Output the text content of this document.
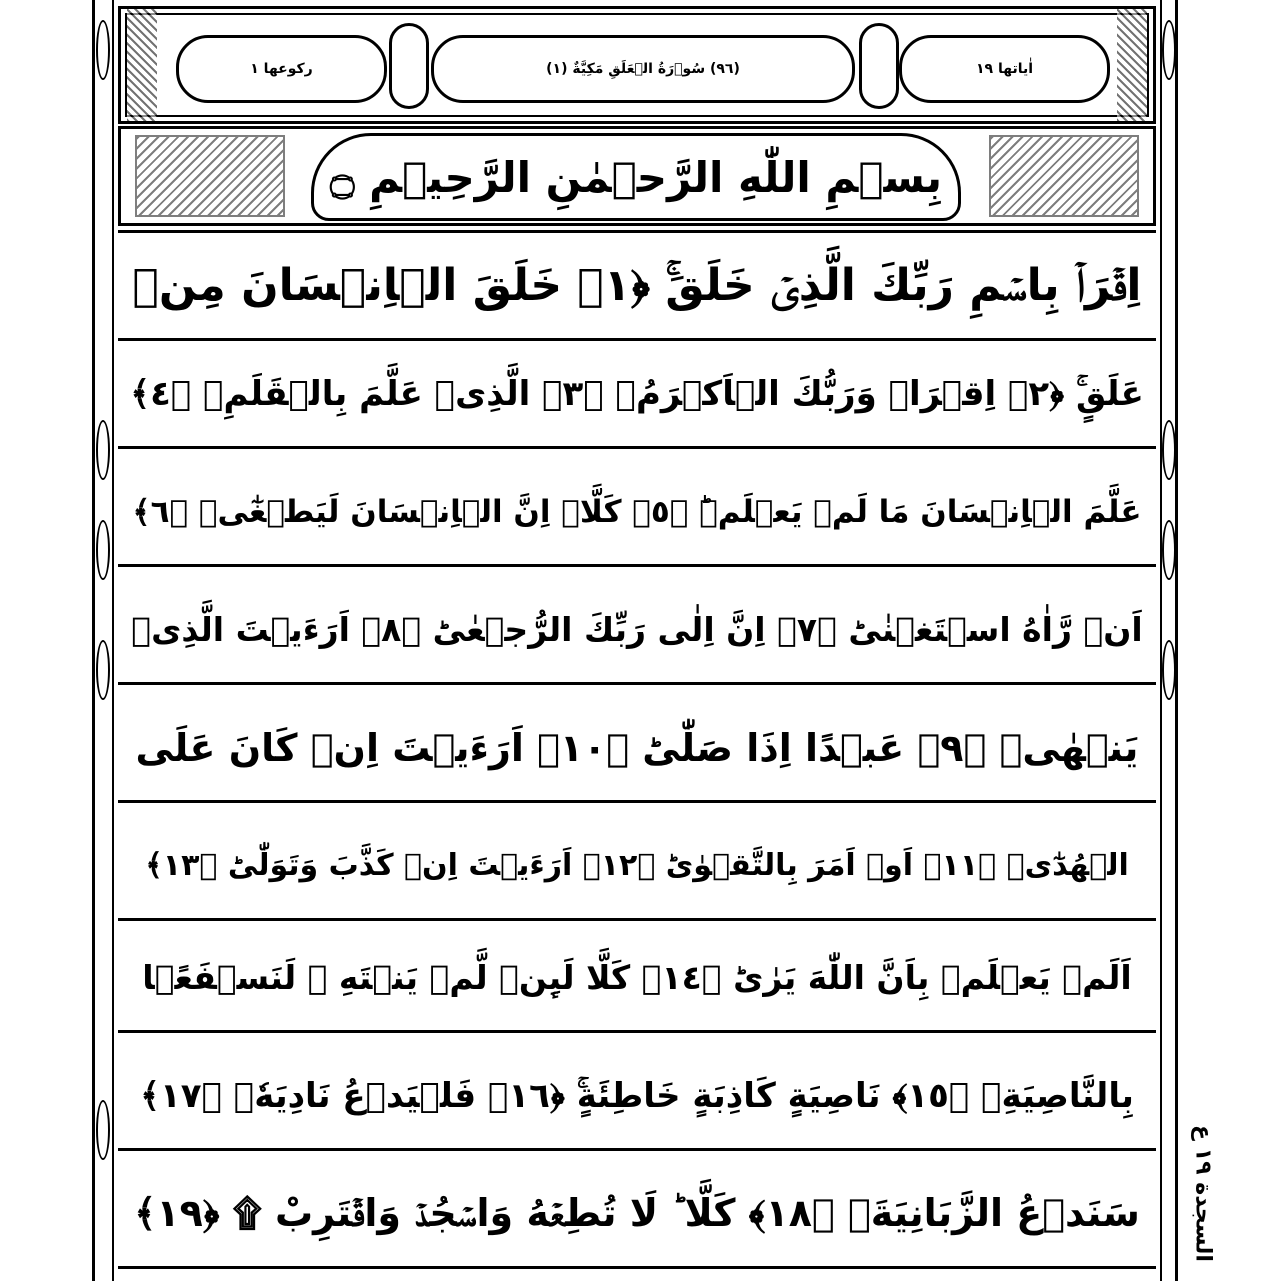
رکوعها ١	(٩٦) سُوۡرَةُ الۡعَلَقِ مَكِيَّةٌ (١)	اٰیاتها ١٩
بِسۡمِ اللّٰهِ الرَّحۡمٰنِ الرَّحِيۡمِ ۝
اِقۡرَاۡ بِاسۡمِ رَبِّكَ الَّذِىۡ خَلَقَ‌ۚ‏ ﴿١﴾ خَلَقَ الۡاِنۡسَانَ مِنۡ
عَلَقٍ‌ۚ‏ ﴿٢﴾ اِقۡرَاۡ وَرَبُّكَ الۡاَكۡرَمُۙ‏ ﴿٣﴾ الَّذِىۡ عَلَّمَ بِالۡقَلَمِۙ‏ ﴿٤﴾
عَلَّمَ الۡاِنۡسَانَ مَا لَمۡ يَعۡلَمۡؕ‏ ﴿٥﴾ كَلَّاۤ اِنَّ الۡاِنۡسَانَ لَيَطۡغٰٓىۙ‏ ﴿٦﴾
اَنۡ رَّاٰهُ اسۡتَغۡنٰىؕ‏ ﴿٧﴾ اِنَّ اِلٰى رَبِّكَ الرُّجۡعٰىؕ‏ ﴿٨﴾ اَرَءَيۡتَ الَّذِىۡ
يَنۡهٰىۙ‏ ﴿٩﴾ عَبۡدًا اِذَا صَلّٰىؕ‏ ﴿١٠﴾ اَرَءَيۡتَ اِنۡ كَانَ عَلَى
الۡهُدٰٓىۙ‏ ﴿١١﴾ اَوۡ اَمَرَ بِالتَّقۡوٰىؕ‏ ﴿١٢﴾ اَرَءَيۡتَ اِنۡ كَذَّبَ وَتَوَلّٰىؕ‏ ﴿١٣﴾
اَلَمۡ يَعۡلَمۡ بِاَنَّ اللّٰهَ يَرٰىؕ‏ ﴿١٤﴾ كَلَّا لَٮِٕنۡ لَّمۡ يَنۡتَهِ ۙ لَنَسۡفَعًۢا
بِالنَّاصِيَةِۙ‏ ﴿١٥﴾ نَاصِيَةٍ كَاذِبَةٍ خَاطِئَةٍ‌ۚ‏ ﴿١٦﴾ فَلۡيَدۡعُ نَادِيَهٗۙ‏ ﴿١٧﴾
سَنَدۡعُ الزَّبَانِيَةَۙ‏ ﴿١٨﴾ كَلَّا ؕ لَا تُطِعۡهُ وَاسۡجُدۡ وَاقۡتَرِبْ ۩ ﴿١٩﴾
السجدة ١٩ ع
